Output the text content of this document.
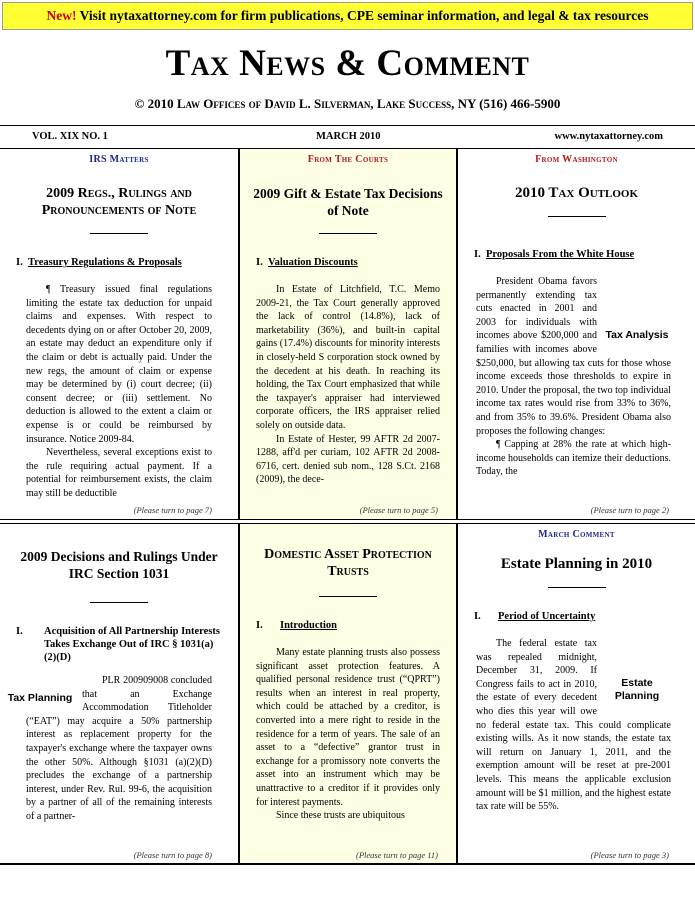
New! Visit nytaxattorney.com for firm publications, CPE seminar information, and legal & tax resources
Tax News & Comment
© 2010 Law Offices of David L. Silverman, Lake Success, NY (516) 466-5900
VOL. XIX NO. 1	MARCH 2010	www.nytaxattorney.com
IRS Matters
2009 Regs., Rulings and Pronouncements of Note
I. Treasury Regulations & Proposals

¶ Treasury issued final regulations limiting the estate tax deduction for unpaid claims and expenses. With respect to decedents dying on or after October 20, 2009, an estate may deduct an expenditure only if the claim or debt is actually paid. Under the new regs, the amount of claim or expense may be determined by (i) court decree; (ii) consent decree; or (iii) settlement. No deduction is allowed to the extent a claim or expense is or could be reimbursed by insurance. Notice 2009-84.

Nevertheless, several exceptions exist to the rule requiring actual payment. If a potential for reimbursement exists, the claim may still be deductible

(Please turn to page 7)
From The Courts
2009 Gift & Estate Tax Decisions of Note
I. Valuation Discounts

In Estate of Litchfield, T.C. Memo 2009-21, the Tax Court generally approved the lack of control (14.8%), lack of marketability (36%), and built-in capital gains (17.4%) discounts for minority interests in closely-held S corporation stock owned by the decedent at his death. In reaching its holding, the Tax Court emphasized that while the taxpayer's appraiser had interviewed corporate officers, the IRS appraiser relied solely on outside data.

In Estate of Hester, 99 AFTR 2d 2007-1288, aff'd per curiam, 102 AFTR 2d 2008-6716, cert. denied sub nom., 128 S.Ct. 2168 (2009), the dece-

(Please turn to page 5)
From Washington
2010 Tax Outlook
I. Proposals From the White House
Tax Analysis

President Obama favors permanently extending tax cuts enacted in 2001 and 2003 for individuals with incomes above $200,000 and families with incomes above $250,000, but allowing tax cuts for those whose income exceeds those thresholds to expire in 2010. Under the proposal, the two top individual income tax rates would rise from 33% to 36%, and from 35% to 39.6%. President Obama also proposes the following changes:

¶ Capping at 28% the rate at which high-income households can itemize their deductions. Today, the

(Please turn to page 2)
2009 Decisions and Rulings Under IRC Section 1031
I.	Acquisition of All Partnership Interests Takes Exchange Out of IRC § 1031(a)(2)(D)
Tax Planning

PLR 200909008 concluded that an Exchange Accommodation Titleholder (“EAT”) may acquire a 50% partnership interest as replacement property for the taxpayer's exchange where the taxpayer owns the other 50%. Although §1031 (a)(2)(D) precludes the exchange of a partnership interest, under Rev. Rul. 99-6, the acquisition by a partner of all of the remaining interests of a partner-

(Please turn to page 8)
Domestic Asset Protection Trusts
I.	Introduction

Many estate planning trusts also possess significant asset protection features. A qualified personal residence trust (“QPRT”) results when an interest in real property, which could be attached by a creditor, is converted into a mere right to reside in the residence for a term of years. The sale of an asset to a “defective” grantor trust in exchange for a promissory note converts the asset into an instrument which may be unattractive to a creditor if it provides only for interest payments.

Since these trusts are ubiquitous

(Please turn to page 11)
March Comment
Estate Planning in 2010
I.	Period of Uncertainty
Estate Planning

The federal estate tax was repealed midnight, December 31, 2009. If Congress fails to act in 2010, the estate of every decedent who dies this year will owe no federal estate tax. This could complicate existing wills. As it now stands, the estate tax will return on January 1, 2011, and the exemption amount will be reset at pre-2001 levels. This means the applicable exclusion amount will be $1 million, and the highest estate tax rate will be 55%.

(Please turn to page 3)
